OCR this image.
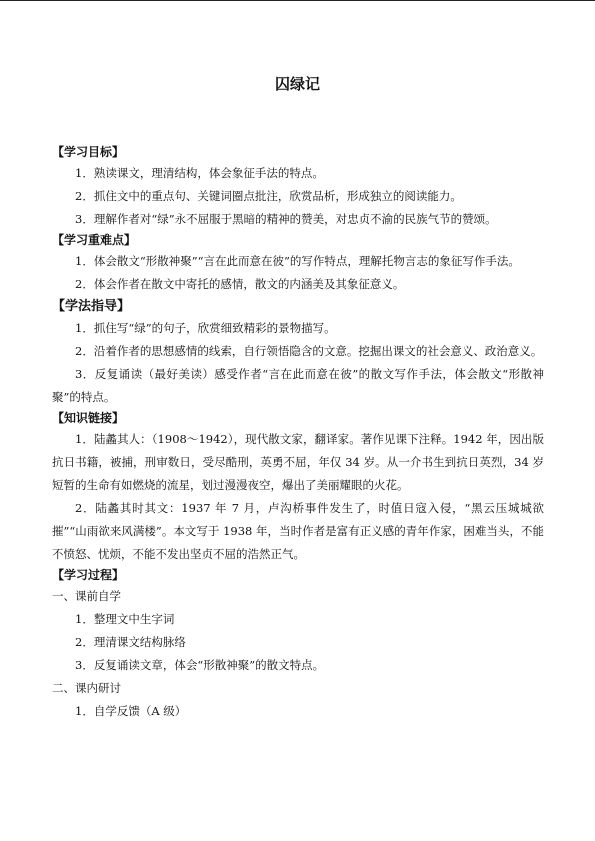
囚绿记

【学习目标】

1．熟读课文，理清结构，体会象征手法的特点。

2．抓住文中的重点句、关键词圈点批注，欣赏品析，形成独立的阅读能力。

3．理解作者对“绿”永不屈服于黑暗的精神的赞美，对忠贞不渝的民族气节的赞颂。

【学习重难点】

1．体会散文“形散神聚”“言在此而意在彼”的写作特点，理解托物言志的象征写作手法。

2．体会作者在散文中寄托的感情，散文的内涵美及其象征意义。

【学法指导】

1．抓住写“绿”的句子，欣赏细致精彩的景物描写。

2．沿着作者的思想感情的线索，自行领悟隐含的文意。挖掘出课文的社会意义、政治意义。

3．反复诵读（最好美读）感受作者“言在此而意在彼”的散文写作手法，体会散文“形散神聚”的特点。

【知识链接】

1．陆蠡其人：（1908～1942），现代散文家，翻译家。著作见课下注释。1942 年，因出版抗日书籍，被捕，刑审数日，受尽酷刑，英勇不屈，年仅 34 岁。从一介书生到抗日英烈，34 岁短暂的生命有如燃烧的流星，划过漫漫夜空，爆出了美丽耀眼的火花。

2．陆蠡其时其文：1937 年 7 月，卢沟桥事件发生了，时值日寇入侵，“黑云压城城欲摧”“山雨欲来风满楼”。本文写于 1938 年，当时作者是富有正义感的青年作家，困难当头，不能不愤怒、忧烦，不能不发出坚贞不屈的浩然正气。

【学习过程】

一、课前自学

1．整理文中生字词

2．理清课文结构脉络

3．反复诵读文章，体会“形散神聚”的散文特点。

二、课内研讨

1．自学反馈（A 级）
